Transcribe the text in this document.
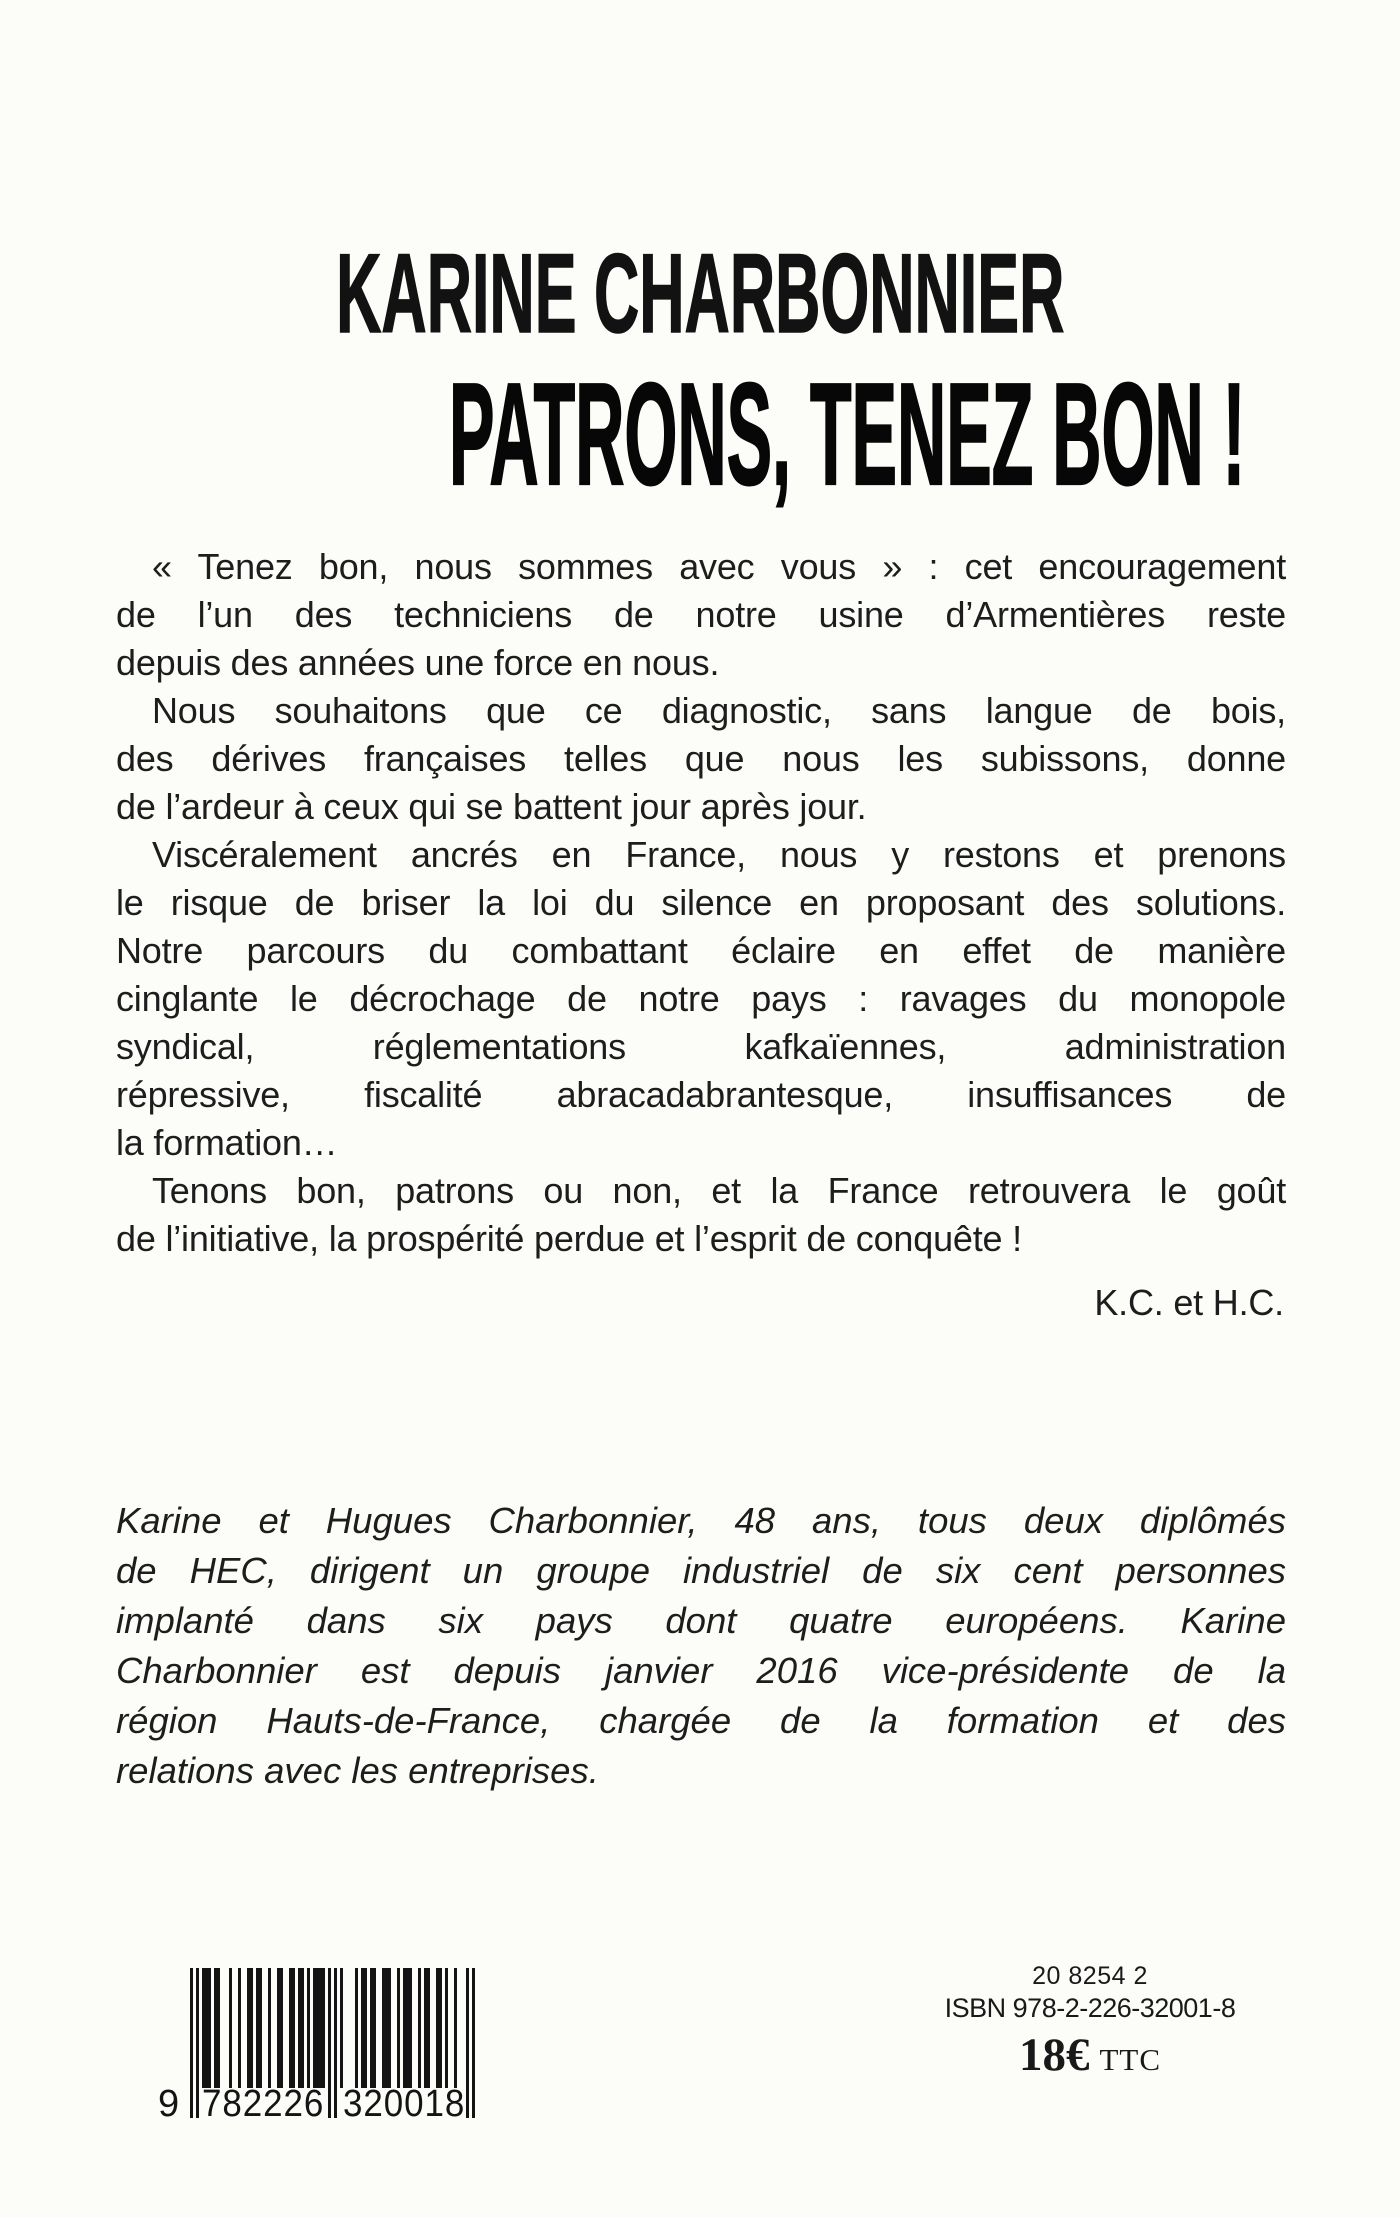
KARINE CHARBONNIER
PATRONS, TENEZ BON !

« Tenez bon, nous sommes avec vous » : cet encouragement
de l’un des techniciens de notre usine d’Armentières reste
depuis des années une force en nous.

Nous souhaitons que ce diagnostic, sans langue de bois,
des dérives françaises telles que nous les subissons, donne
de l’ardeur à ceux qui se battent jour après jour.

Viscéralement ancrés en France, nous y restons et prenons
le risque de briser la loi du silence en proposant des solutions.
Notre parcours du combattant éclaire en effet de manière
cinglante le décrochage de notre pays : ravages du monopole
syndical, réglementations kafkaïennes, administration
répressive, fiscalité abracadabrantesque, insuffisances de
la formation…

Tenons bon, patrons ou non, et la France retrouvera le goût
de l’initiative, la prospérité perdue et l’esprit de conquête !

K.C. et H.C.

Karine et Hugues Charbonnier, 48 ans, tous deux diplômés
de HEC, dirigent un groupe industriel de six cent personnes
implanté dans six pays dont quatre européens. Karine
Charbonnier est depuis janvier 2016 vice-présidente de la
région Hauts-de-France, chargée de la formation et des
relations avec les entreprises.

9 782226 320018
20 8254 2
ISBN 978-2-226-32001-8
18€ TTC
